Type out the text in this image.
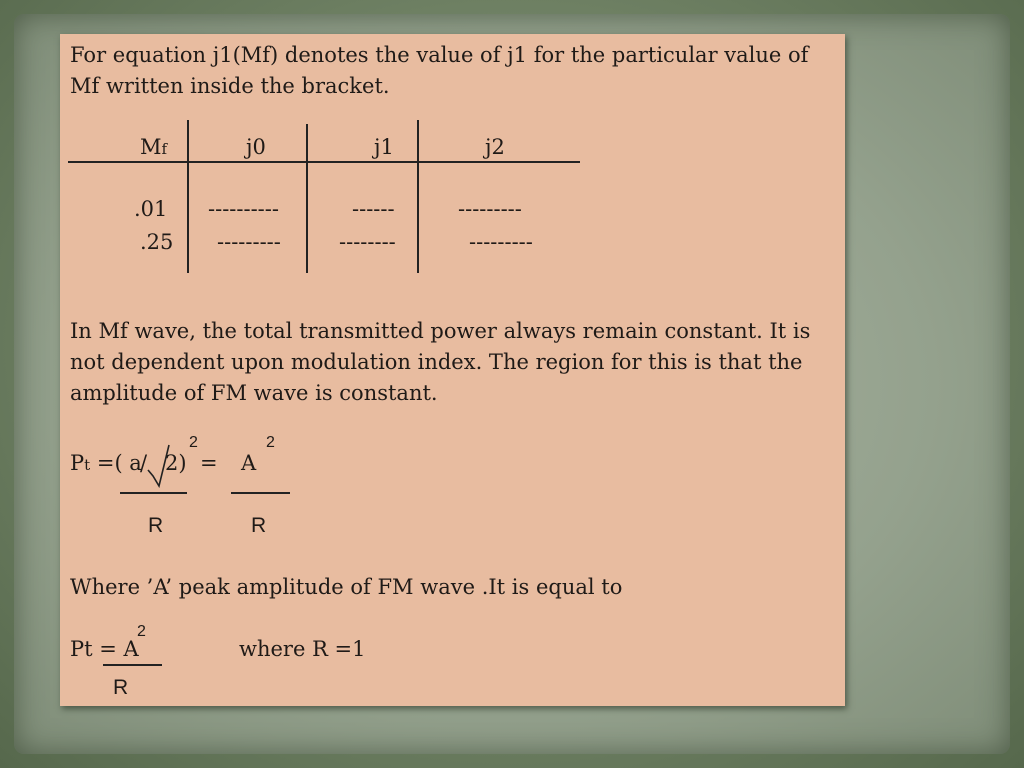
For equation j1(Mf) denotes the value of j1 for the particular value of Mf written inside the bracket.
Mf	j0	j1	j2
.01 ----------	------	---------
.25 ---------	--------	---------
In Mf wave, the total transmitted power always remain constant. It is not dependent upon modulation index. The region for this is that the amplitude of FM wave is constant.
Pt =( a
/ 2)
2
= A
2
R	R
Where ’A’ peak amplitude of FM wave .It is equal to
Pt = A
2
where R =1
R
